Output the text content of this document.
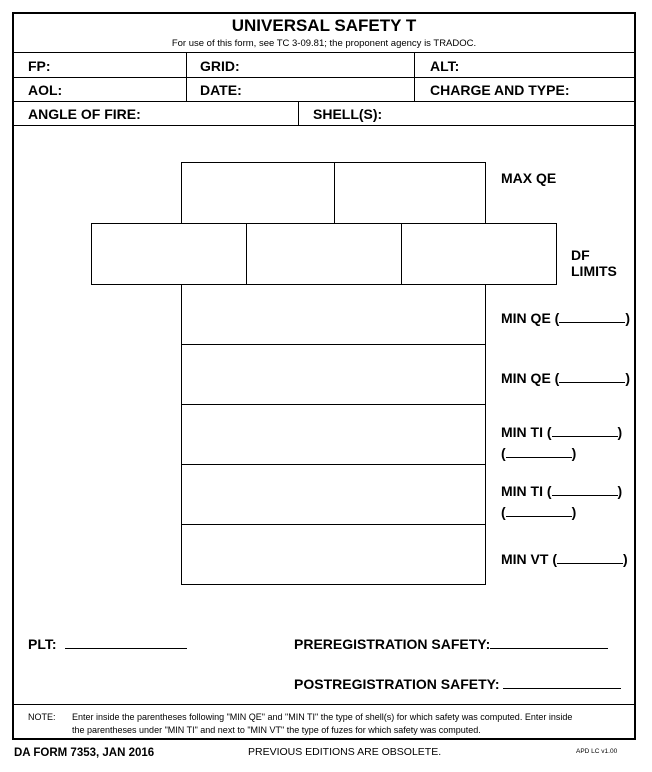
UNIVERSAL SAFETY T
For use of this form, see TC 3-09.81; the proponent agency is TRADOC.
FP:	GRID:	ALT:
AOL:	DATE:	CHARGE AND TYPE:
ANGLE OF FIRE:	SHELL(S):
MAX QE
DF
LIMITS
MIN QE (	)
MIN QE (	)
MIN TI (	)
(	)
MIN TI (	)
(	)
MIN VT (	)
PLT:	PREREGISTRATION SAFETY:
POSTREGISTRATION SAFETY:
NOTE: Enter inside the parentheses following "MIN QE" and "MIN TI" the type of shell(s) for which safety was computed. Enter inside
the parentheses under "MIN TI" and next to "MIN VT" the type of fuzes for which safety was computed.
DA FORM 7353, JAN 2016	PREVIOUS EDITIONS ARE OBSOLETE.	APD LC v1.00
